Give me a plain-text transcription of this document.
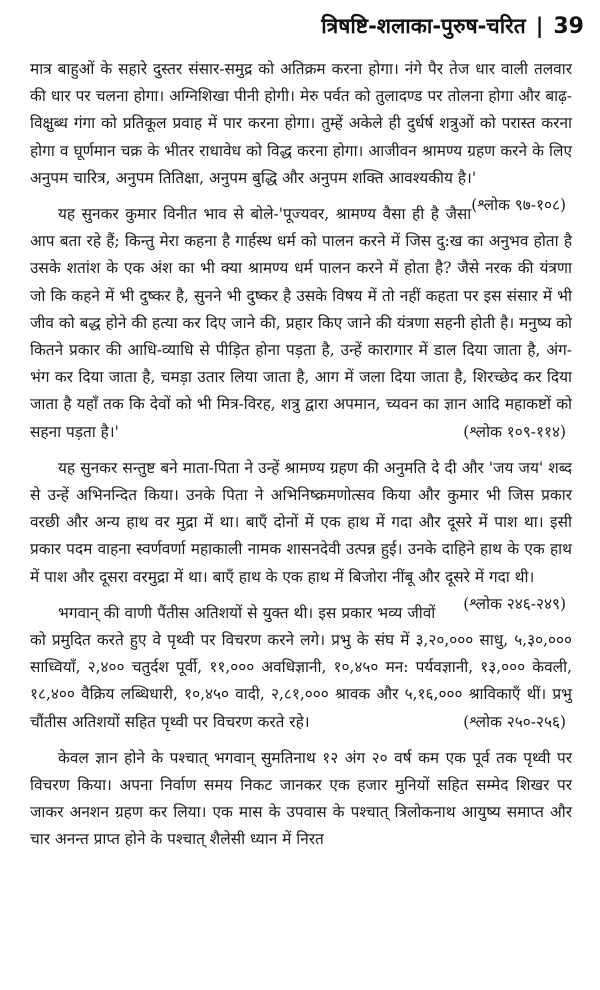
त्रिषष्टि-शलाका-पुरुष-चरित | 39

मात्र बाहुओं के सहारे दुस्तर संसार-समुद्र को अतिक्रम करना होगा। नंगे पैर तेज धार वाली तलवार की धार पर चलना होगा। अग्निशिखा पीनी होगी। मेरु पर्वत को तुलादण्ड पर तोलना होगा और बाढ़-विक्षुब्ध गंगा को प्रतिकूल प्रवाह में पार करना होगा। तुम्हें अकेले ही दुर्धर्ष शत्रुओं को परास्त करना होगा व घूर्णमान चक्र के भीतर राधावेध को विद्ध करना होगा। आजीवन श्रामण्य ग्रहण करने के लिए अनुपम चारित्र, अनुपम तितिक्षा, अनुपम बुद्धि और अनुपम शक्ति आवश्यकीय है।'
(श्लोक ९७-१०८)

यह सुनकर कुमार विनीत भाव से बोले-'पूज्यवर, श्रामण्य वैसा ही है जैसा आप बता रहे हैं; किन्तु मेरा कहना है गार्हस्थ धर्म को पालन करने में जिस दु:ख का अनुभव होता है उसके शतांश के एक अंश का भी क्या श्रामण्य धर्म पालन करने में होता है? जैसे नरक की यंत्रणा जो कि कहने में भी दुष्कर है, सुनने भी दुष्कर है उसके विषय में तो नहीं कहता पर इस संसार में भी जीव को बद्ध होने की हत्या कर दिए जाने की, प्रहार किए जाने की यंत्रणा सहनी होती है। मनुष्य को कितने प्रकार की आधि-व्याधि से पीड़ित होना पड़ता है, उन्हें कारागार में डाल दिया जाता है, अंग-भंग कर दिया जाता है, चमड़ा उतार लिया जाता है, आग में जला दिया जाता है, शिरच्छेद कर दिया जाता है यहाँ तक कि देवों को भी मित्र-विरह, शत्रु द्वारा अपमान, च्यवन का ज्ञान आदि महाकष्टों को सहना पड़ता है।'	(श्लोक १०९-११४)

यह सुनकर सन्तुष्ट बने माता-पिता ने उन्हें श्रामण्य ग्रहण की अनुमति दे दी और 'जय जय' शब्द से उन्हें अभिनन्दित किया। उनके पिता ने अभिनिष्क्रमणोत्सव किया और कुमार भी जिस प्रकार वरछी और अन्य हाथ वर मुद्रा में था। बाएँ दोनों में एक हाथ में गदा और दूसरे में पाश था। इसी प्रकार पदम वाहना स्वर्णवर्णा महाकाली नामक शासनदेवी उत्पन्न हुई। उनके दाहिने हाथ के एक हाथ में पाश और दूसरा वरमुद्रा में था। बाएँ हाथ के एक हाथ में बिजोरा नींबू और दूसरे में गदा थी।
(श्लोक २४६-२४९)

भगवान् की वाणी पैंतीस अतिशयों से युक्त थी। इस प्रकार भव्य जीवों को प्रमुदित करते हुए वे पृथ्वी पर विचरण करने लगे। प्रभु के संघ में ३,२०,००० साधु, ५,३०,००० साध्वियाँ, २,४०० चतुर्दश पूर्वी, ११,००० अवधिज्ञानी, १०,४५० मन: पर्यवज्ञानी, १३,००० केवली, १८,४०० वैक्रिय लब्धिधारी, १०,४५० वादी, २,८१,००० श्रावक और ५,१६,००० श्राविकाएँ थीं। प्रभु चौंतीस अतिशयों सहित पृथ्वी पर विचरण करते रहे।	(श्लोक २५०-२५६)

केवल ज्ञान होने के पश्चात् भगवान् सुमतिनाथ १२ अंग २० वर्ष कम एक पूर्व तक पृथ्वी पर विचरण किया। अपना निर्वाण समय निकट जानकर एक हजार मुनियों सहित सम्मेद शिखर पर जाकर अनशन ग्रहण कर लिया। एक मास के उपवास के पश्चात् त्रिलोकनाथ आयुष्य समाप्त और चार अनन्त प्राप्त होने के पश्चात् शैलेसी ध्यान में निरत
